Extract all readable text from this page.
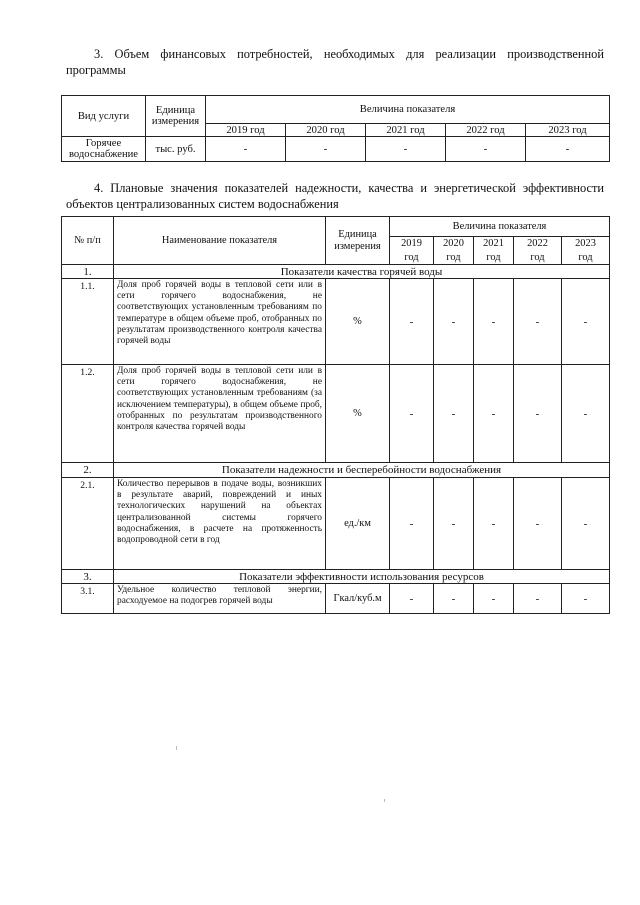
3. Объем финансовых потребностей, необходимых для реализации производственной программы
Вид услуги	Единица измерения	Величина показателя				
		2019 год	2020 год	2021 год	2022 год	2023 год
Горячее водоснабжение	тыс. руб.	-	-	-	-	-
4. Плановые значения показателей надежности, качества и энергетической эффективности объектов централизованных систем водоснабжения
№ п/п	Наименование показателя	Единица измерения	Величина показателя				
			2019	2020	2021	2022	2023
			год	год	год	год	год
1.	Показатели качества горячей воды						
1.1.	Доля проб горячей воды в тепловой сети или в сети горячего водоснабжения, не соответствующих установленным требованиям по температуре в общем объеме проб, отобранных по результатам производственного контроля качества горячей воды	%	-	-	-	-	-
1.2.	Доля проб горячей воды в тепловой сети или в сети горячего водоснабжения, не соответствующих установленным требованиям (за исключением температуры), в общем объеме проб, отобранных по результатам производственного контроля качества горячей воды	%	-	-	-	-	-
2.	Показатели надежности и бесперебойности водоснабжения						
2.1.	Количество перерывов в подаче воды, возникших в результате аварий, повреждений и иных технологических нарушений на объектах централизованной системы горячего водоснабжения, в расчете на протяженность водопроводной сети в год	ед./км	-	-	-	-	-
3.	Показатели эффективности использования ресурсов						
3.1.	Удельное количество тепловой энергии, расходуемое на подогрев горячей воды	Гкал/куб.м	-	-	-	-	-
